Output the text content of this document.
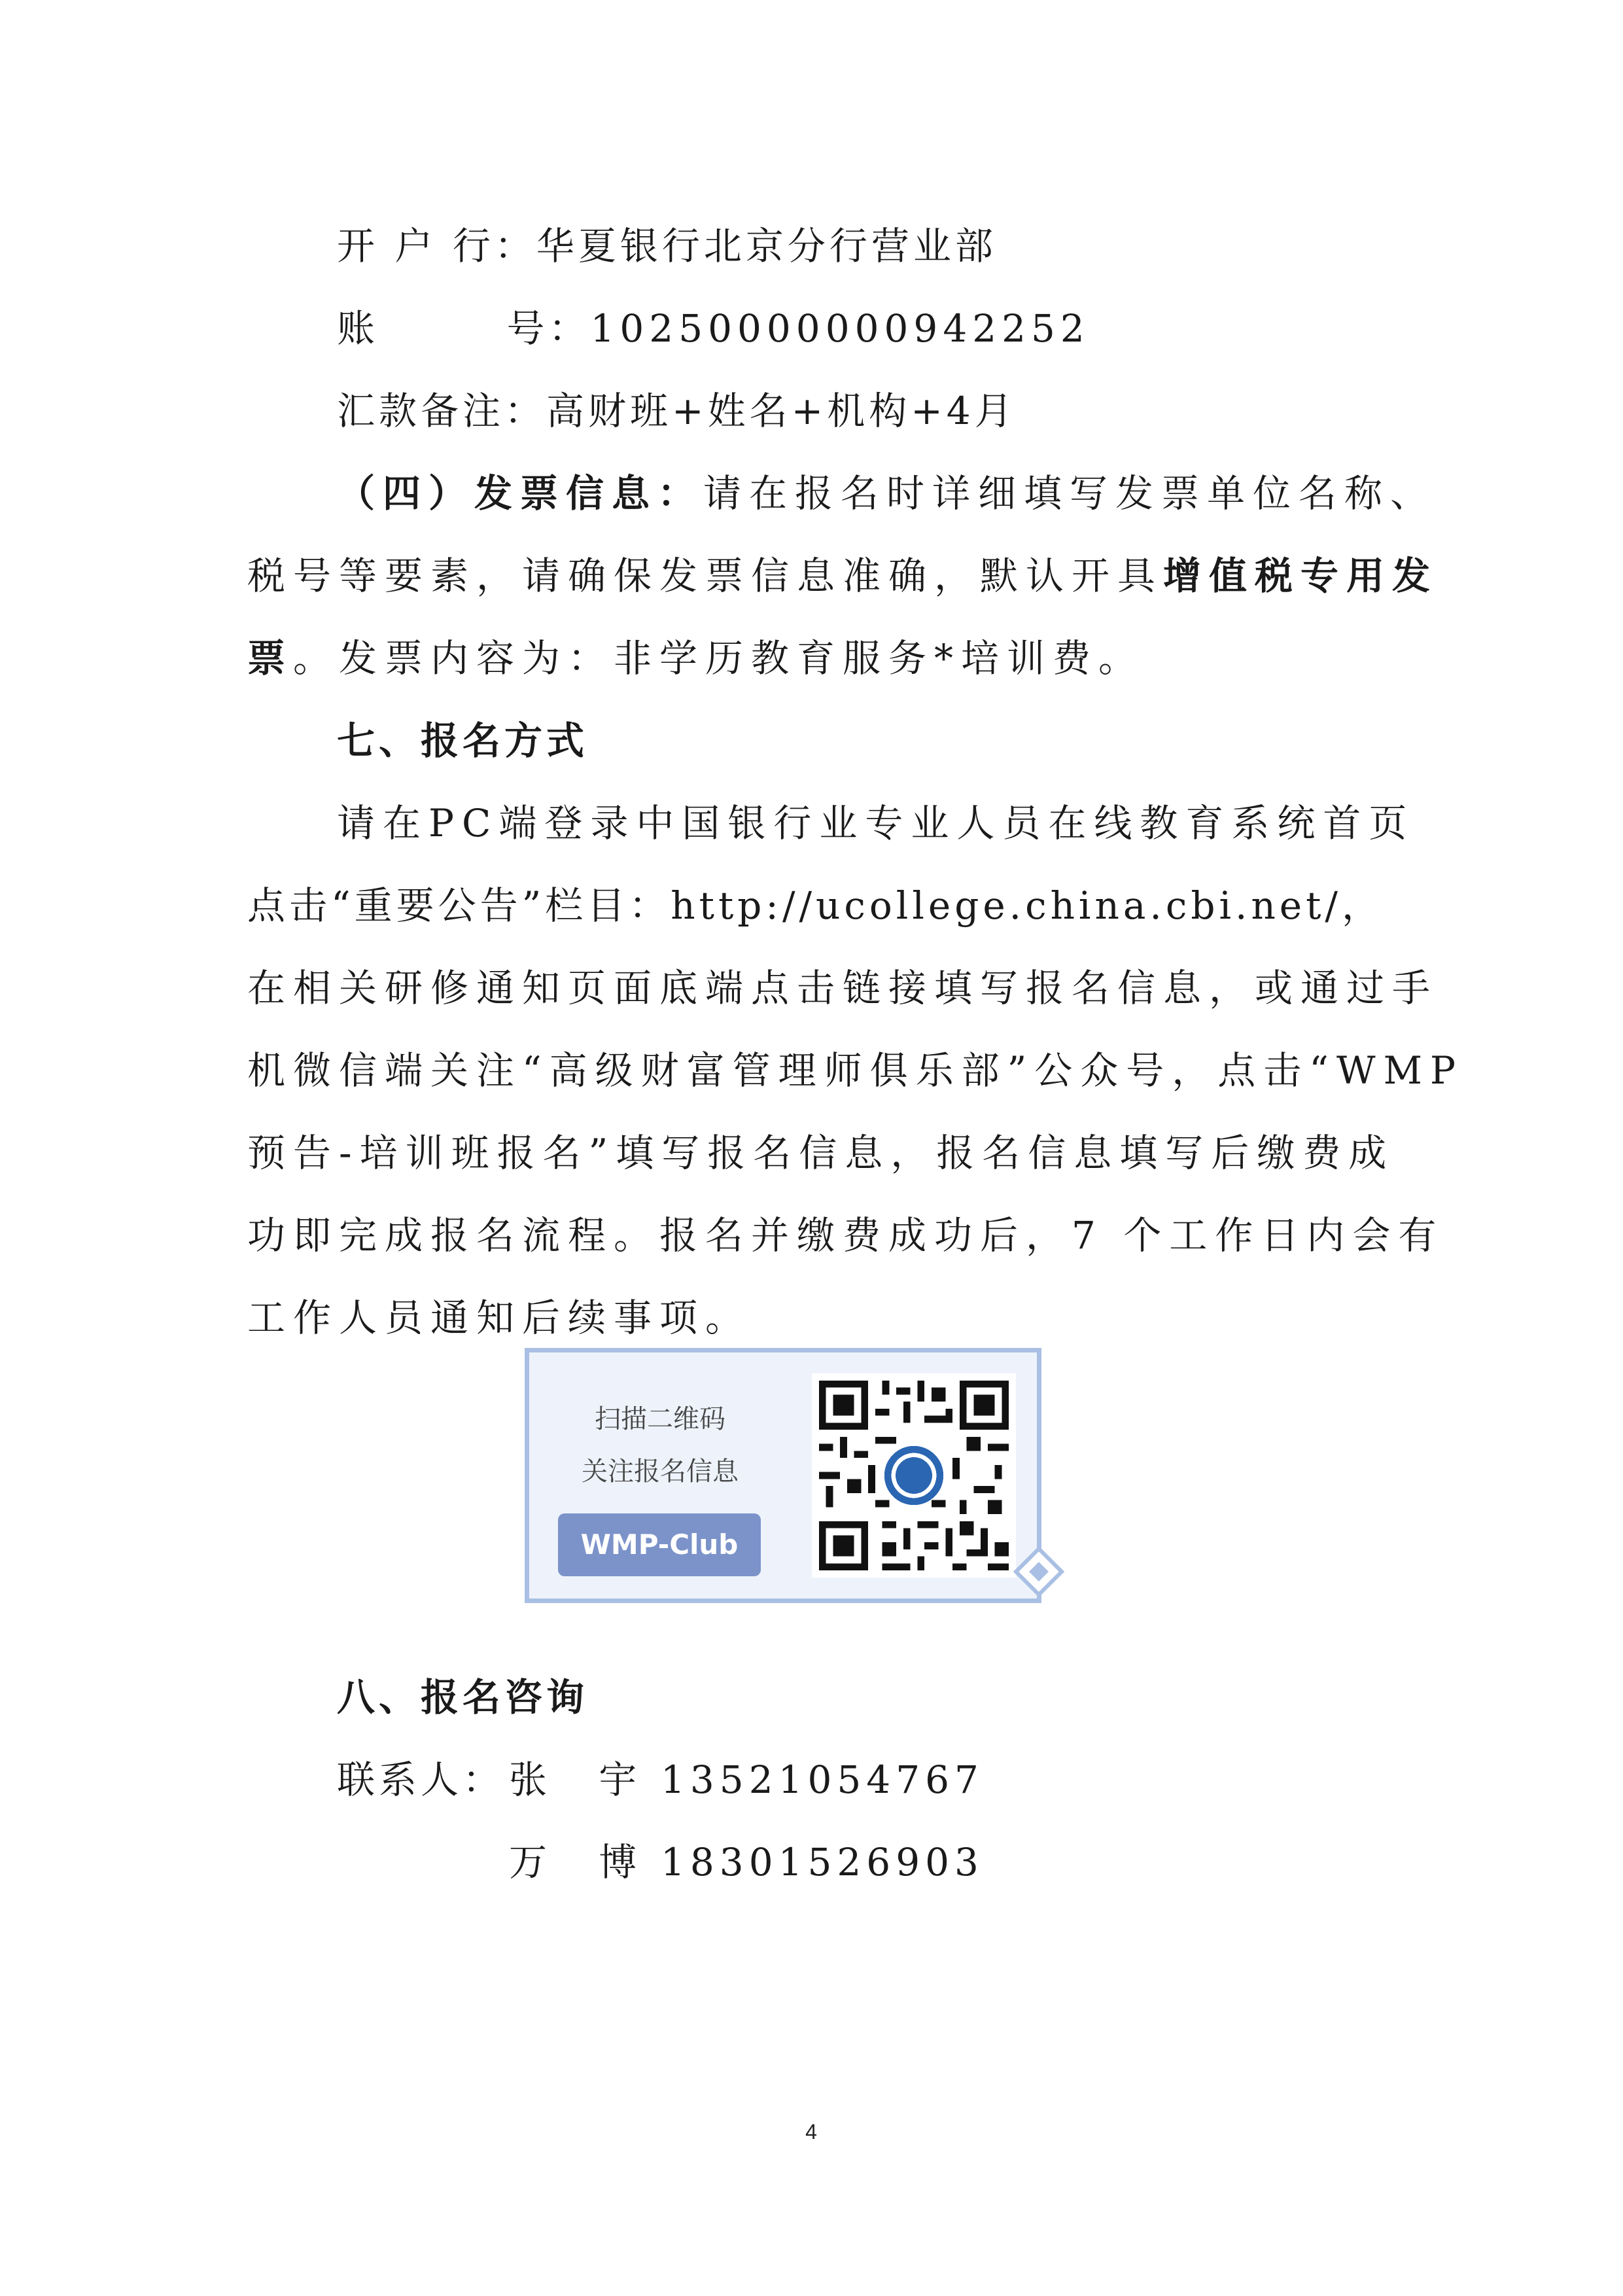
开 户 行：华夏银行北京分行营业部
账        号：10250000000942252
汇款备注：高财班+姓名+机构+4月
（四）发票信息：请在报名时详细填写发票单位名称、
税号等要素，请确保发票信息准确，默认开具增值税专用发
票。发票内容为：非学历教育服务*培训费。
七、报名方式
请在PC端登录中国银行业专业人员在线教育系统首页
点击“重要公告”栏目：http://ucollege.china.cbi.net/，
在相关研修通知页面底端点击链接填写报名信息，或通过手
机微信端关注“高级财富管理师俱乐部”公众号，点击“WMP
预告-培训班报名”填写报名信息，报名信息填写后缴费成
功即完成报名流程。报名并缴费成功后，7 个工作日内会有
工作人员通知后续事项。
扫描二维码
关注报名信息
WMP-Club
八、报名咨询
联系人： 张   宇 13521054767
万   博 18301526903
4
